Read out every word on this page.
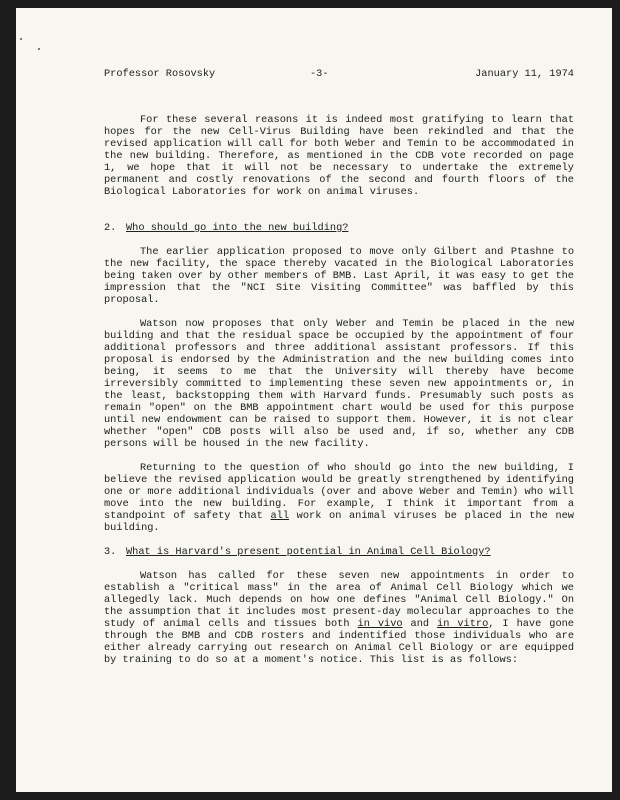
Professor Rosovsky	-3-	January 11, 1974

For these several reasons it is indeed most gratifying to learn that hopes for the new Cell-Virus Building have been rekindled and that the revised application will call for both Weber and Temin to be accommodated in the new building. Therefore, as mentioned in the CDB vote recorded on page 1, we hope that it will not be necessary to undertake the extremely permanent and costly renovations of the second and fourth floors of the Biological Laboratories for work on animal viruses.

2. Who should go into the new building?

The earlier application proposed to move only Gilbert and Ptashne to the new facility, the space thereby vacated in the Biological Laboratories being taken over by other members of BMB. Last April, it was easy to get the impression that the "NCI Site Visiting Committee" was baffled by this proposal.

Watson now proposes that only Weber and Temin be placed in the new building and that the residual space be occupied by the appointment of four additional professors and three additional assistant professors. If this proposal is endorsed by the Administration and the new building comes into being, it seems to me that the University will thereby have become irreversibly committed to implementing these seven new appointments or, in the least, backstopping them with Harvard funds. Presumably such posts as remain "open" on the BMB appointment chart would be used for this purpose until new endowment can be raised to support them. However, it is not clear whether "open" CDB posts will also be used and, if so, whether any CDB persons will be housed in the new facility.

Returning to the question of who should go into the new building, I believe the revised application would be greatly strengthened by identifying one or more additional individuals (over and above Weber and Temin) who will move into the new building. For example, I think it important from a standpoint of safety that all work on animal viruses be placed in the new building.

3. What is Harvard's present potential in Animal Cell Biology?

Watson has called for these seven new appointments in order to establish a "critical mass" in the area of Animal Cell Biology which we allegedly lack. Much depends on how one defines "Animal Cell Biology." On the assumption that it includes most present-day molecular approaches to the study of animal cells and tissues both in vivo and in vitro, I have gone through the BMB and CDB rosters and indentified those individuals who are either already carrying out research on Animal Cell Biology or are equipped by training to do so at a moment's notice. This list is as follows:
